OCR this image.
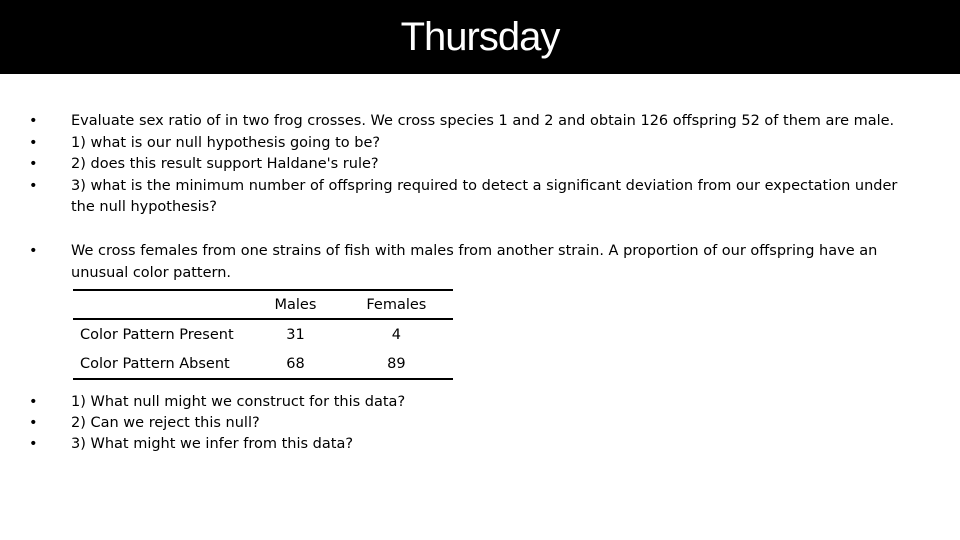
Thursday
• Evaluate sex ratio of in two frog crosses. We cross species 1 and 2 and obtain 126 offspring 52 of them are male.
• 1) what is our null hypothesis going to be?
• 2) does this result support Haldane's rule?
• 3) what is the minimum number of offspring required to detect a significant deviation from our expectation under the null hypothesis?
• We cross females from one strains of fish with males from another strain. A proportion of our offspring have an unusual color pattern.
	Males	Females
Color Pattern Present	31	4
Color Pattern Absent	68	89
• 1) What null might we construct for this data?
• 2) Can we reject this null?
• 3) What might we infer from this data?
